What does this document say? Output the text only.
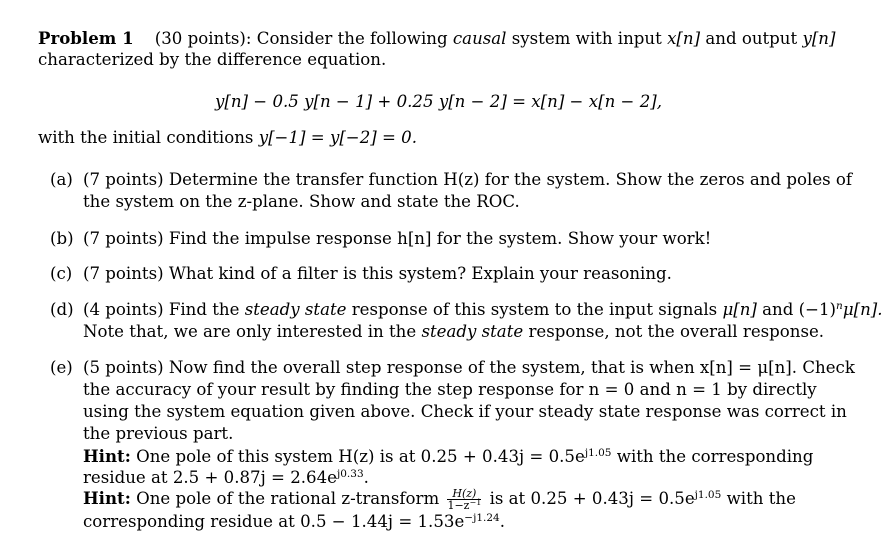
Problem 1 (30 points): Consider the following causal system with input x[n] and output y[n]
characterized by the difference equation.
y[n] − 0.5 y[n − 1] + 0.25 y[n − 2] = x[n] − x[n − 2],
with the initial conditions y[−1] = y[−2] = 0.
(a) (7 points) Determine the transfer function H(z) for the system. Show the zeros and poles of
the system on the z-plane. Show and state the ROC.
(b) (7 points) Find the impulse response h[n] for the system. Show your work!
(c) (7 points) What kind of a filter is this system? Explain your reasoning.
(d) (4 points) Find the steady state response of this system to the input signals μ[n] and $(-1)^n\mu[n]$.
Note that, we are only interested in the steady state response, not the overall response.
(e) (5 points) Now find the overall step response of the system, that is when x[n] = μ[n]. Check
the accuracy of your result by finding the step response for n = 0 and n = 1 by directly
using the system equation given above. Check if your steady state response was correct in
the previous part.
Hint: One pole of this system H(z) is at $0.25 + 0.43j = 0.5e^{j1.05}$ with the corresponding
residue at $2.5 + 0.87j = 2.64e^{j0.33}$.
Hint: One pole of the rational z-transform $\frac{H(z)}{1-z^{-1}}$ is at $0.25 + 0.43j = 0.5e^{j1.05}$ with the
corresponding residue at $0.5 - 1.44j = 1.53e^{-j1.24}$.
